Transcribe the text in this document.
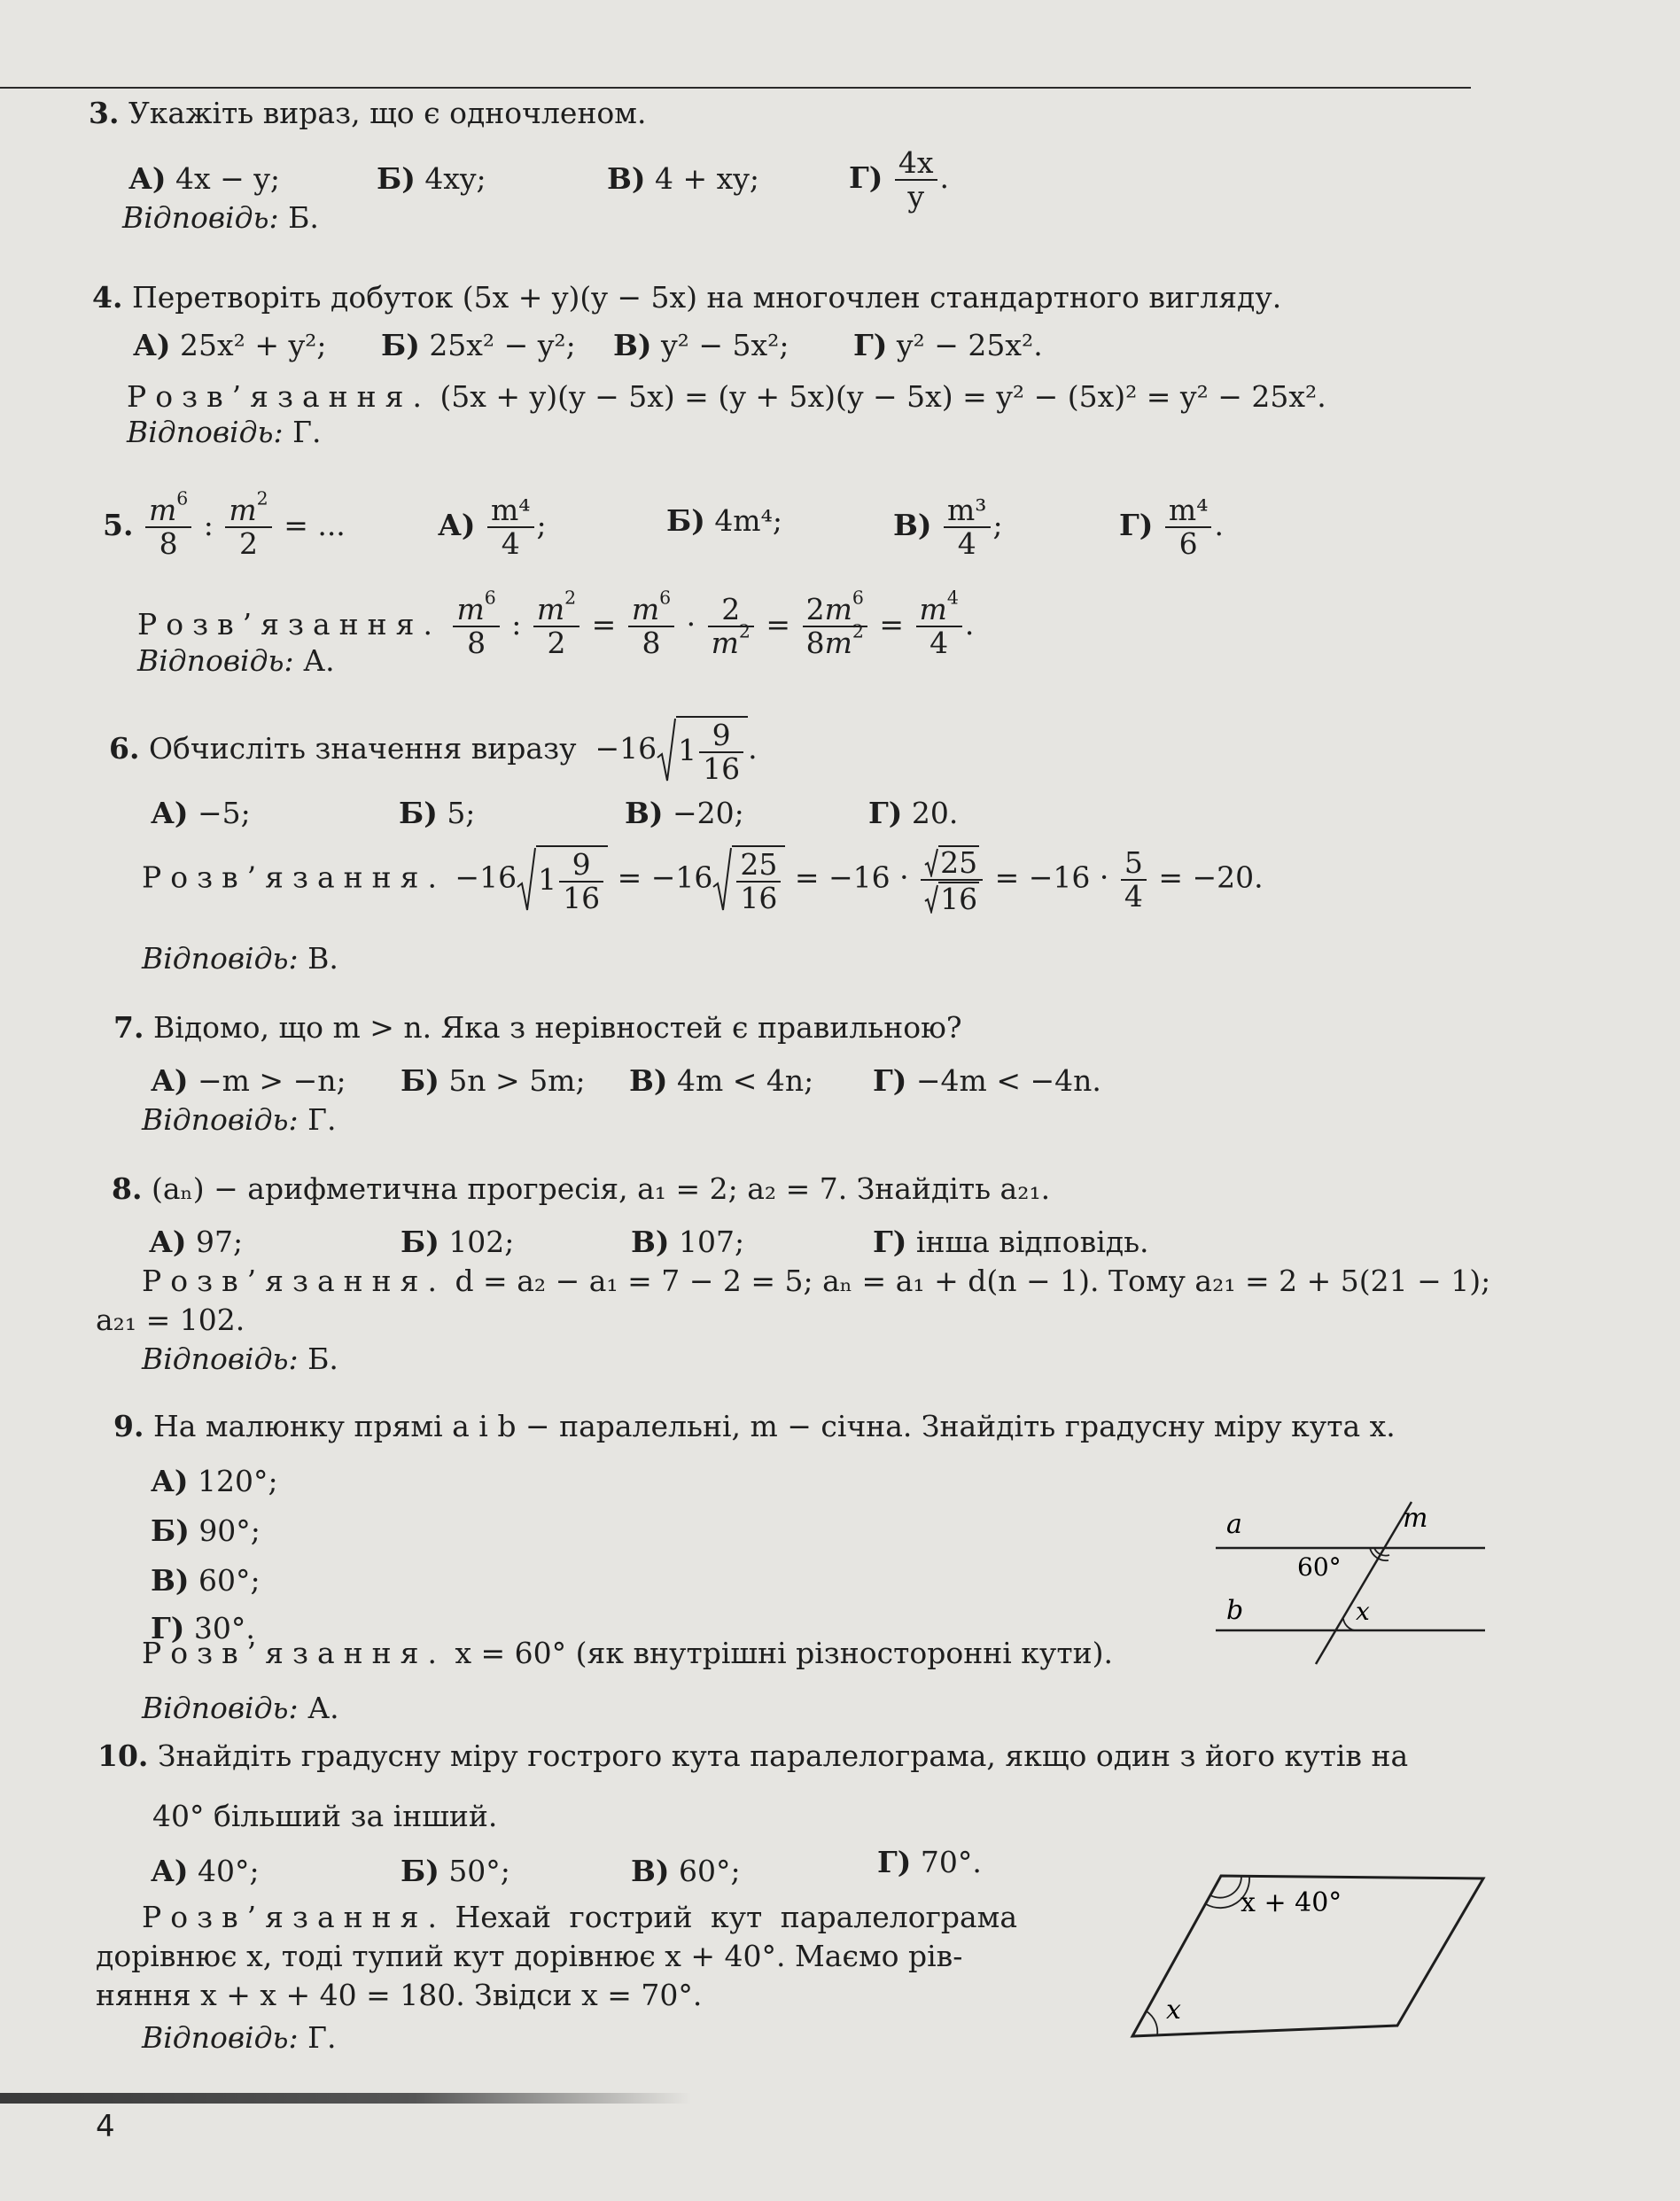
3. Укажіть вираз, що є одночленом.
А) 4x − y;	Б) 4xy;	В) 4 + xy;	$Г) \frac{4x}{y}$ .
Відповідь: Б.
4. Перетворіть добуток (5x + y)(y − 5x) на многочлен стандартного вигляду.
А) 25x² + y²; Б) 25x² − y²; В) y² − 5x²; Г) y² − 25x².
Розв’язання. (5x + y)(y − 5x) = (y + 5x)(y − 5x) = y² − (5x)² = y² − 25x².
Відповідь: Г.
5. $\frac{m^6}{8}$ : $\frac{m^2}{2}$ = ...	$А) \frac{\text{m⁴}}{4}$ ;	Б) 4m⁴;	$В) \frac{\text{m³}}{4}$ ;	$Г) \frac{\text{m⁴}}{6}$ .
Розв’язання. $\frac{m^6}{8}$ : $\frac{m^2}{2} = \frac{m^6}{8} \cdot \frac{2}{m^2} = \frac{2m^6}{8m^2} = \frac{m^4}{4}$ .
Відповідь: А.
6. Обчисліть значення виразу  −16 $1 \frac{9}{16}$ .
А) −5;	Б) 5;	В) −20;	Г) 20.
Розв’язання. −16 $1 \frac{9}{16} = -16 \frac{25}{16} = -16 \cdot \frac{25}{16} = -16 \cdot \frac{5}{4} = -20$.
Відповідь: В.
7. Відомо, що m > n. Яка з нерівностей є правильною?
А) −m > −n; Б) 5n > 5m; В) 4m < 4n; Г) −4m < −4n.
Відповідь: Г.
8. (aₙ) − арифметична прогресія, a₁ = 2; a₂ = 7. Знайдіть a₂₁.
А) 97;	Б) 102;	В) 107;	Г) інша відповідь.
Розв’язання. d = a₂ − a₁ = 7 − 2 = 5; aₙ = a₁ + d(n − 1). Тому a₂₁ = 2 + 5(21 − 1);
a₂₁ = 102.
Відповідь: Б.
9. На малюнку прямі a і b − паралельні, m − січна. Знайдіть градусну міру кута x.
А) 120°;
Б) 90°;
В) 60°;
Г) 30°.
Розв’язання. x = 60° (як внутрішні різносторонні кути).
Відповідь: А.
a
b
m
60°
x
10. Знайдіть градусну міру гострого кута паралелограма, якщо один з його кутів на
40° більший за інший.
А) 40°;	Б) 50°;	В) 60°;	Г) 70°.
Розв’язання. Нехай гострий кут паралелограма
дорівнює x, тоді тупий кут дорівнює x + 40°. Маємо рів-
няння x + x + 40 = 180. Звідси x = 70°.
Відповідь: Г.
x + 40°
x
4
